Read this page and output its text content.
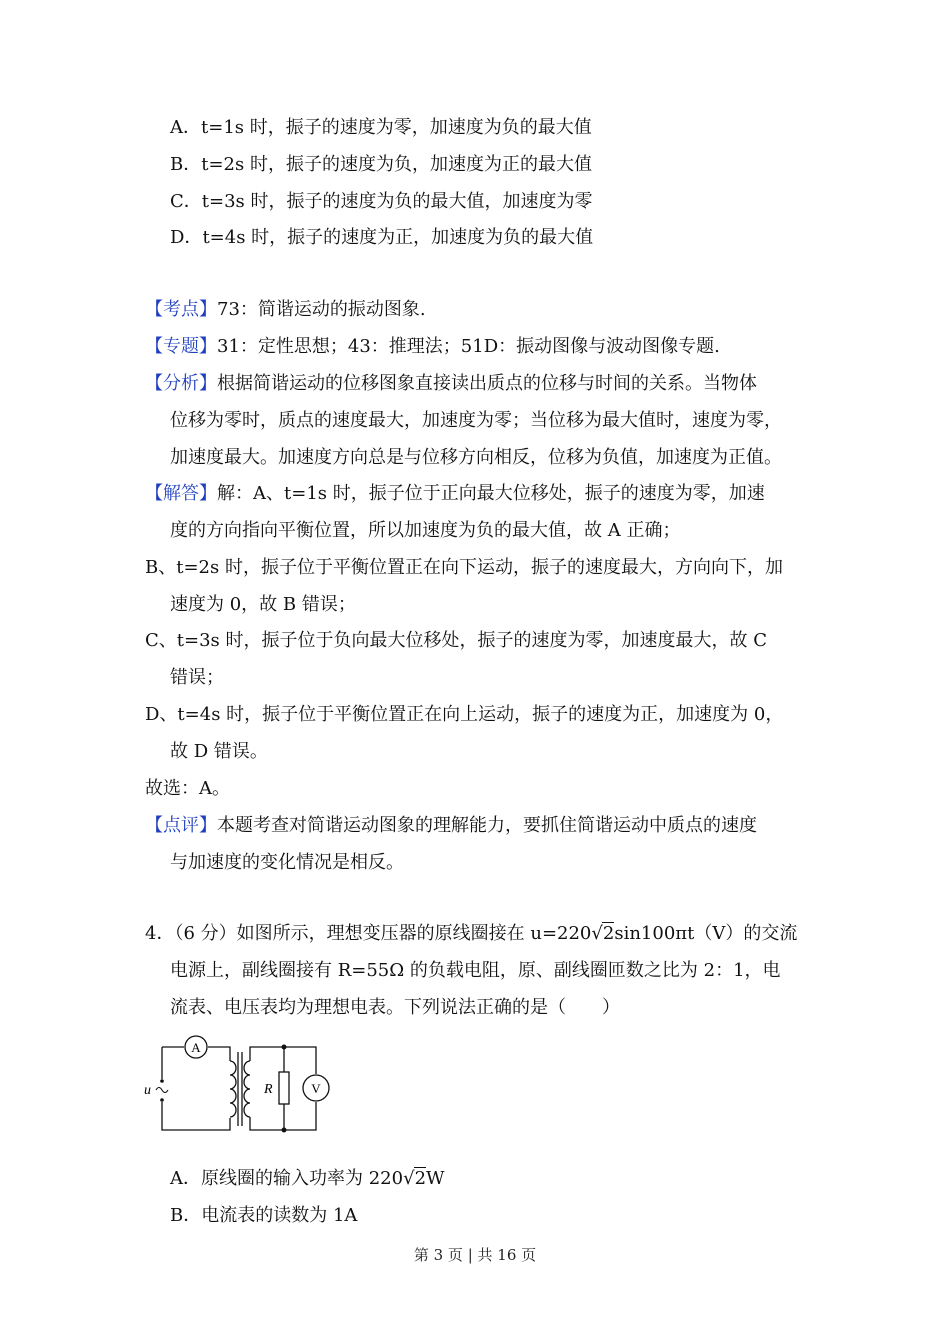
A．t=1s 时，振子的速度为零，加速度为负的最大值
B．t=2s 时，振子的速度为负，加速度为正的最大值
C．t=3s 时，振子的速度为负的最大值，加速度为零
D．t=4s 时，振子的速度为正，加速度为负的最大值
【考点】73：简谐运动的振动图象.
【专题】31：定性思想；43：推理法；51D：振动图像与波动图像专题.
【分析】根据简谐运动的位移图象直接读出质点的位移与时间的关系。当物体
位移为零时，质点的速度最大，加速度为零；当位移为最大值时，速度为零，
加速度最大。加速度方向总是与位移方向相反，位移为负值，加速度为正值。
【解答】解：A、t=1s 时，振子位于正向最大位移处，振子的速度为零，加速
度的方向指向平衡位置，所以加速度为负的最大值，故 A 正确；
B、t=2s 时，振子位于平衡位置正在向下运动，振子的速度最大，方向向下，加
速度为 0，故 B 错误；
C、t=3s 时，振子位于负向最大位移处，振子的速度为零，加速度最大，故 C
错误；
D、t=4s 时，振子位于平衡位置正在向上运动，振子的速度为正，加速度为 0，
故 D 错误。
故选：A。
【点评】本题考查对简谐运动图象的理解能力，要抓住简谐运动中质点的速度
与加速度的变化情况是相反。
4．（6 分）如图所示，理想变压器的原线圈接在 u=220√2sin100πt（V）的交流
电源上，副线圈接有 R=55Ω 的负载电阻，原、副线圈匝数之比为 2：1，电
流表、电压表均为理想电表。下列说法正确的是（　　）
A
V
R
u
A．原线圈的输入功率为 220√2W
B．电流表的读数为 1A
第 3 页 | 共 16 页
